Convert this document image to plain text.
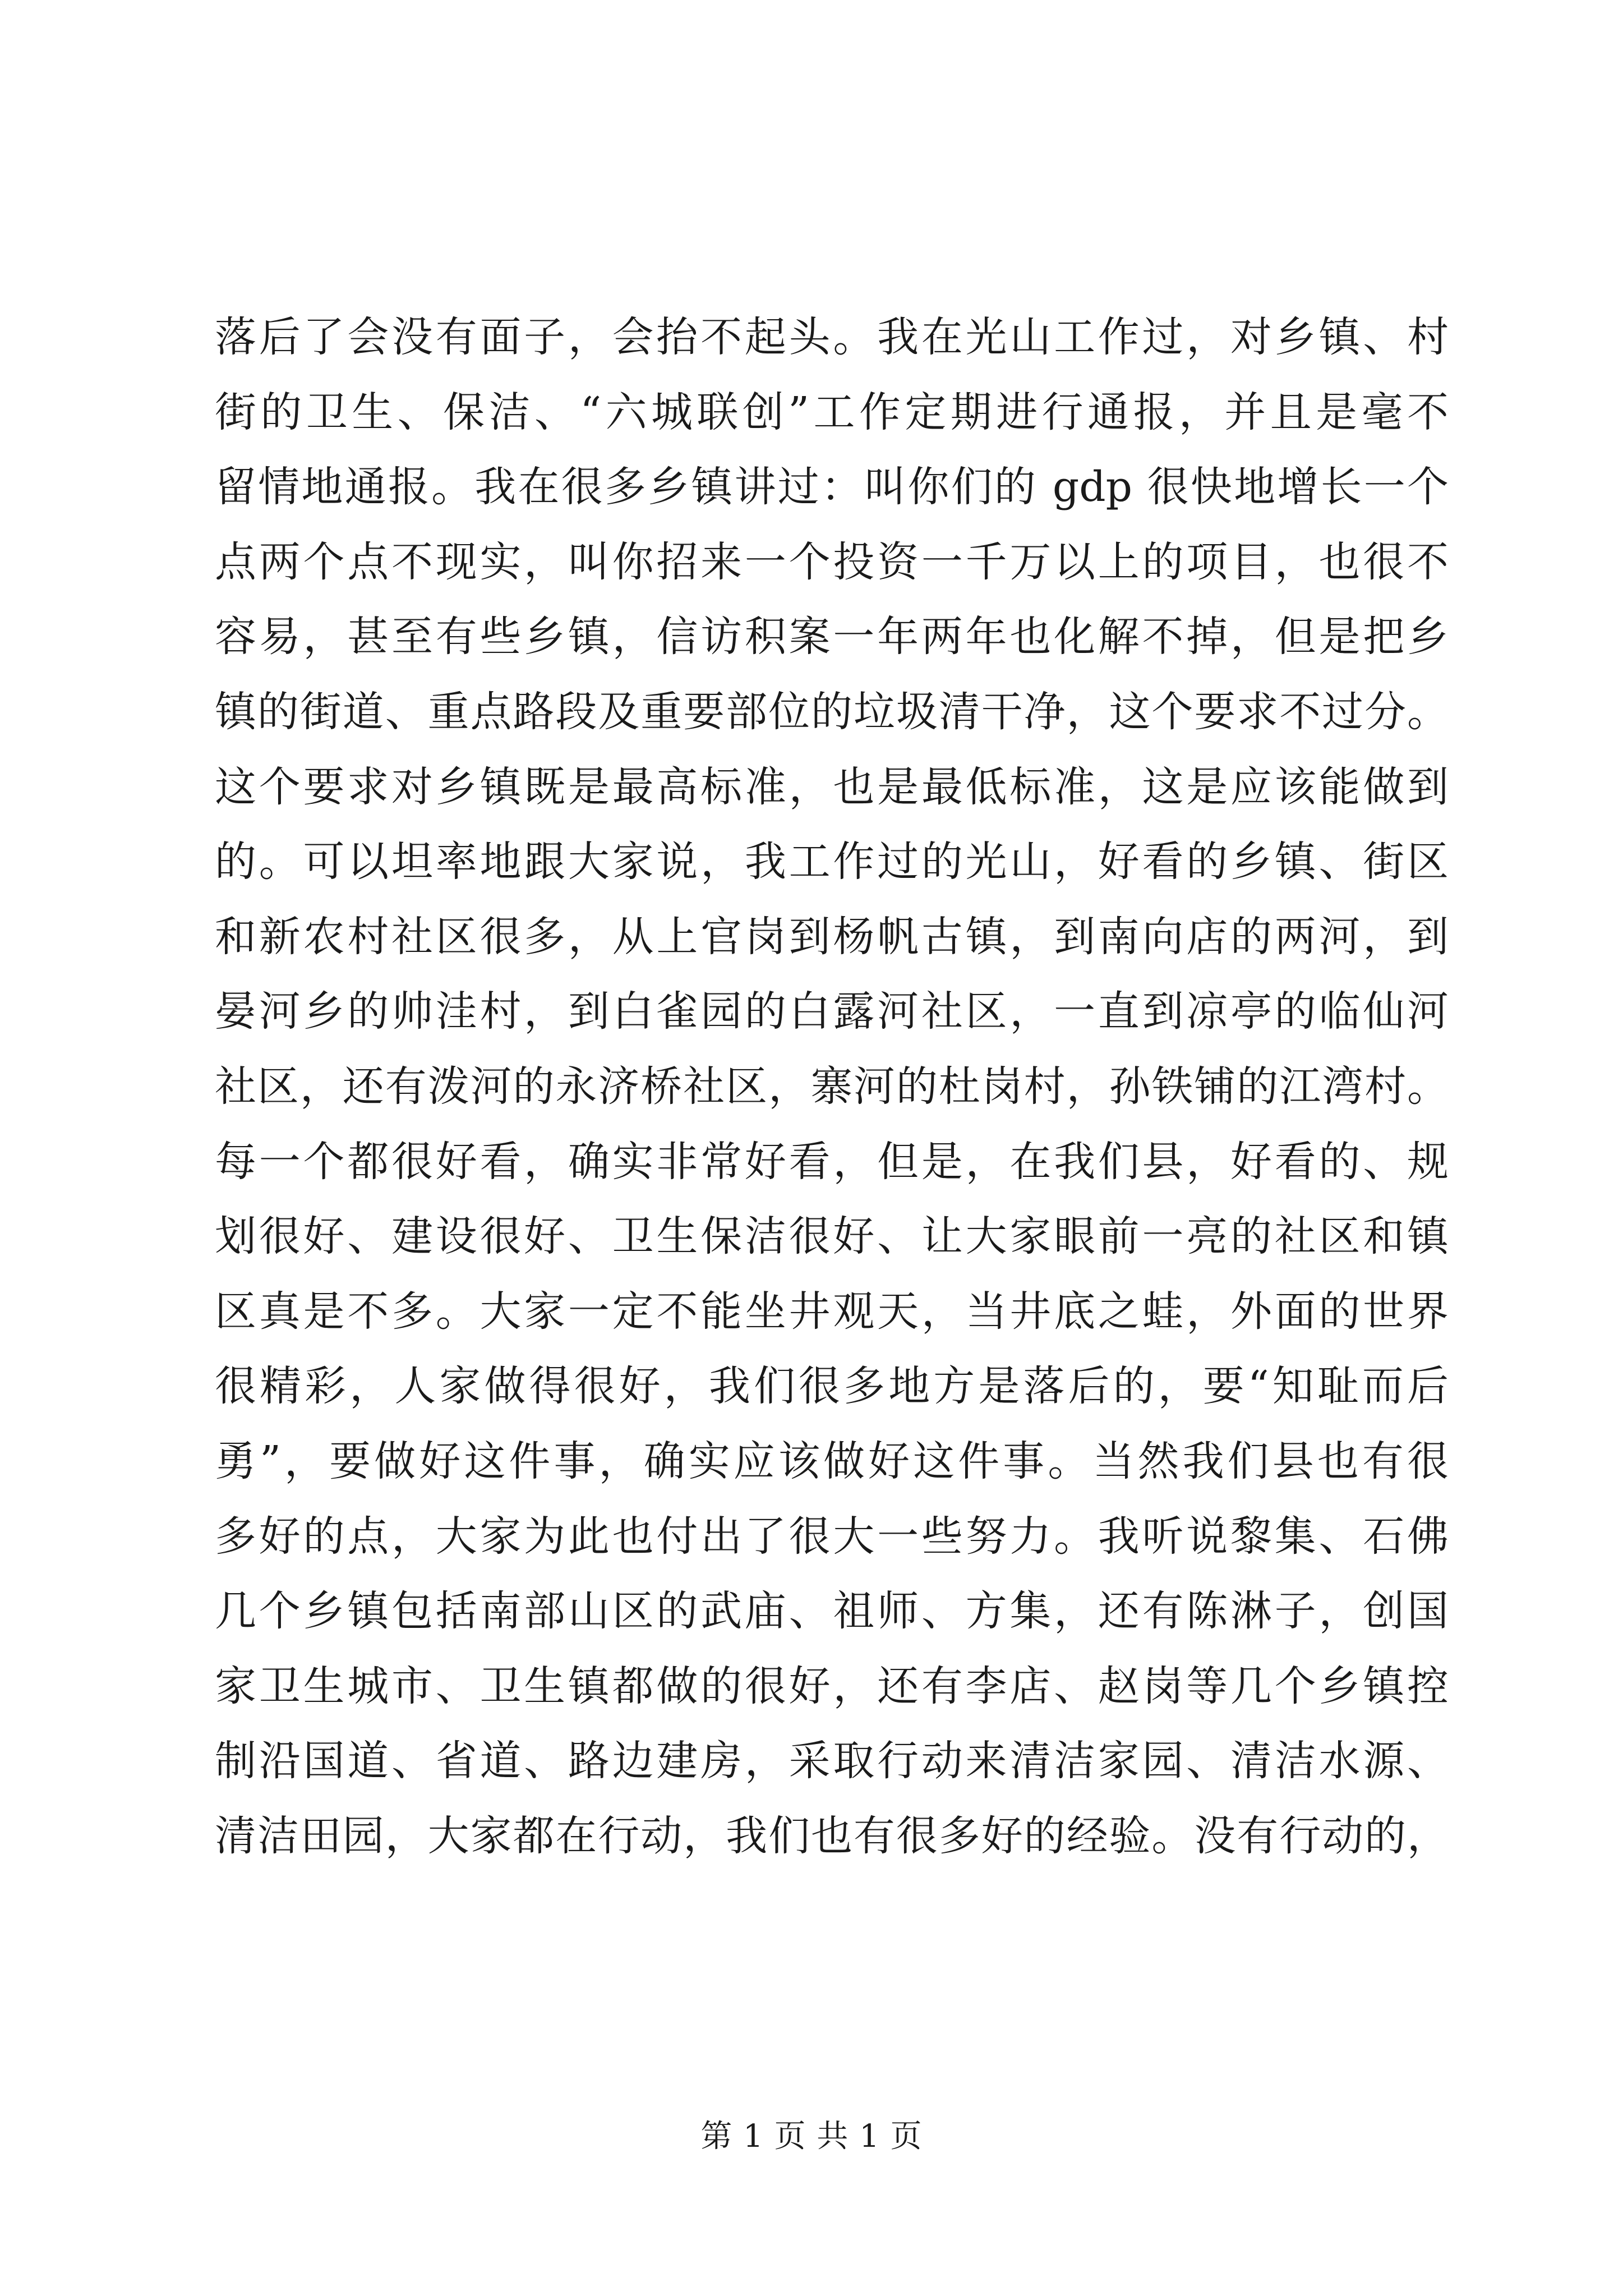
落后了会没有面子，会抬不起头。我在光山工作过，对乡镇、村
街的卫生、保洁、“六城联创”工作定期进行通报，并且是毫不
留情地通报。我在很多乡镇讲过：叫你们的 gdp 很快地增长一个
点两个点不现实，叫你招来一个投资一千万以上的项目，也很不
容易，甚至有些乡镇，信访积案一年两年也化解不掉，但是把乡
镇的街道、重点路段及重要部位的垃圾清干净，这个要求不过分。
这个要求对乡镇既是最高标准，也是最低标准，这是应该能做到
的。可以坦率地跟大家说，我工作过的光山，好看的乡镇、街区
和新农村社区很多，从上官岗到杨帆古镇，到南向店的两河，到
晏河乡的帅洼村，到白雀园的白露河社区，一直到凉亭的临仙河
社区，还有泼河的永济桥社区，寨河的杜岗村，孙铁铺的江湾村。
每一个都很好看，确实非常好看，但是，在我们县，好看的、规
划很好、建设很好、卫生保洁很好、让大家眼前一亮的社区和镇
区真是不多。大家一定不能坐井观天，当井底之蛙，外面的世界
很精彩，人家做得很好，我们很多地方是落后的，要“知耻而后
勇”，要做好这件事，确实应该做好这件事。当然我们县也有很
多好的点，大家为此也付出了很大一些努力。我听说黎集、石佛
几个乡镇包括南部山区的武庙、祖师、方集，还有陈淋子，创国
家卫生城市、卫生镇都做的很好，还有李店、赵岗等几个乡镇控
制沿国道、省道、路边建房，采取行动来清洁家园、清洁水源、
清洁田园，大家都在行动，我们也有很多好的经验。没有行动的，
第 1 页 共 1 页
